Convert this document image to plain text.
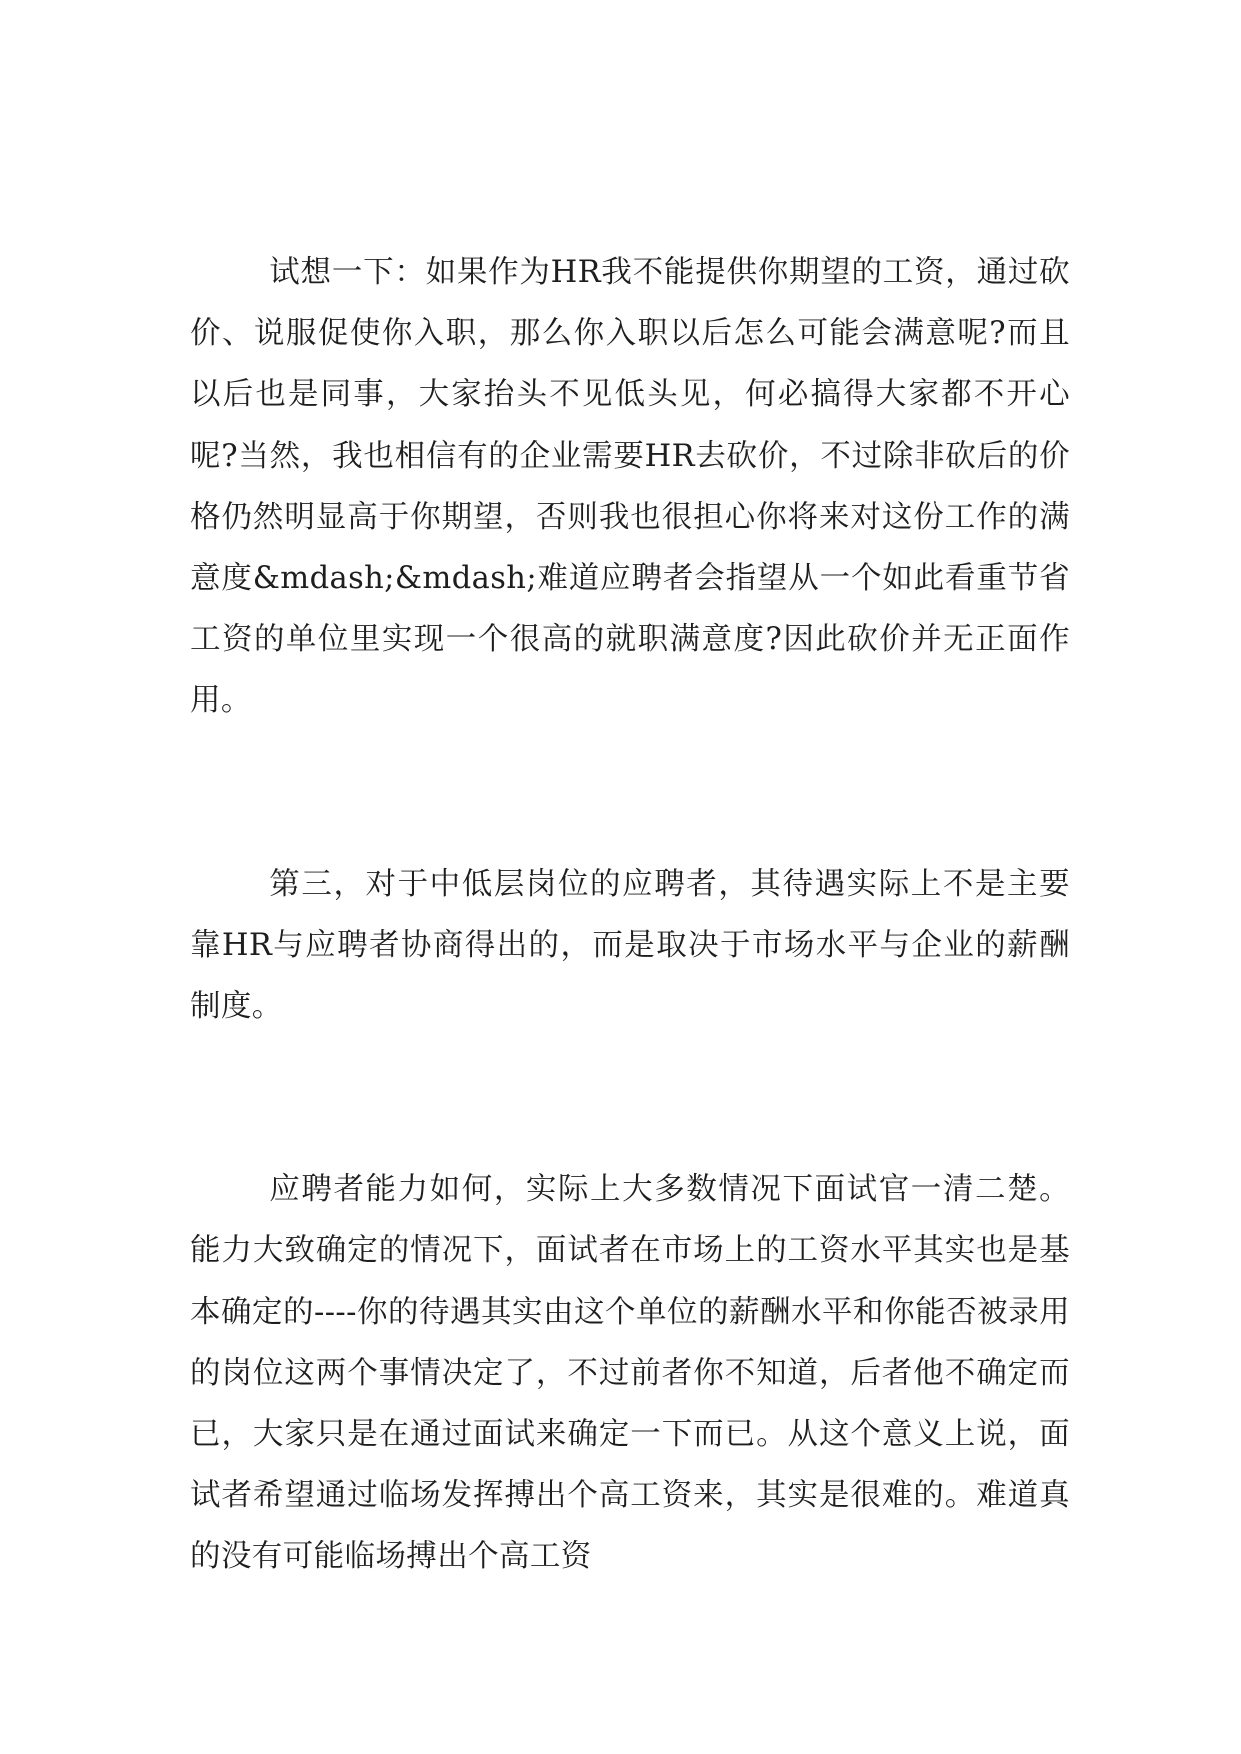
试想一下：如果作为HR我不能提供你期望的工资，通过砍价、说服促使你入职，那么你入职以后怎么可能会满意呢?而且以后也是同事，大家抬头不见低头见，何必搞得大家都不开心呢?当然，我也相信有的企业需要HR去砍价，不过除非砍后的价格仍然明显高于你期望，否则我也很担心你将来对这份工作的满意度&mdash;&mdash;难道应聘者会指望从一个如此看重节省工资的单位里实现一个很高的就职满意度?因此砍价并无正面作用。

第三，对于中低层岗位的应聘者，其待遇实际上不是主要靠HR与应聘者协商得出的，而是取决于市场水平与企业的薪酬制度。

应聘者能力如何，实际上大多数情况下面试官一清二楚。能力大致确定的情况下，面试者在市场上的工资水平其实也是基本确定的----你的待遇其实由这个单位的薪酬水平和你能否被录用的岗位这两个事情决定了，不过前者你不知道，后者他不确定而已，大家只是在通过面试来确定一下而已。从这个意义上说，面试者希望通过临场发挥搏出个高工资来，其实是很难的。难道真的没有可能临场搏出个高工资
